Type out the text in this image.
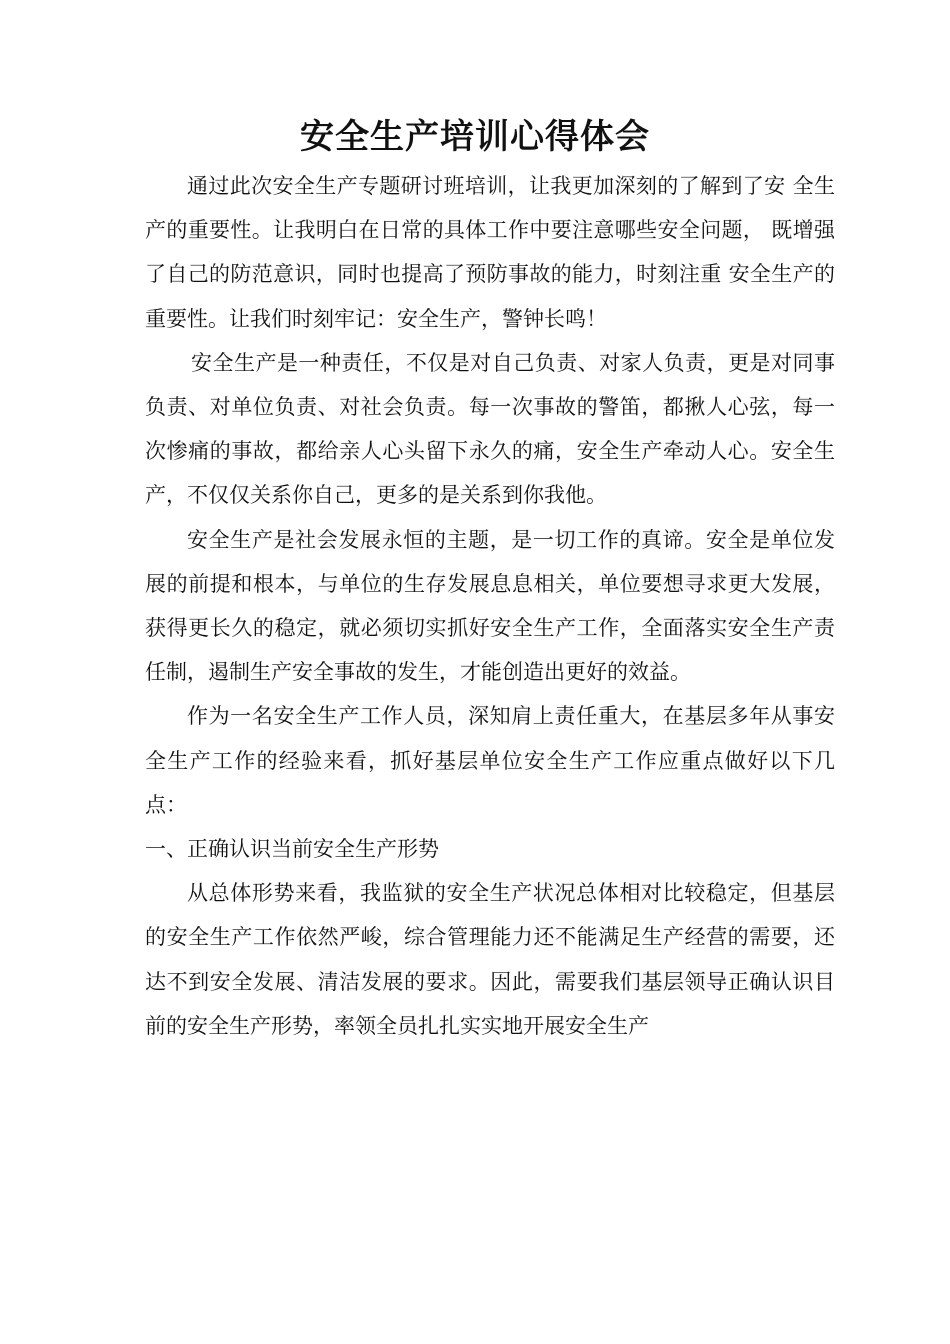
安全生产培训心得体会

通过此次安全生产专题研讨班培训，让我更加深刻的了解到了安 全生产的重要性。让我明白在日常的具体工作中要注意哪些安全问题， 既增强了自己的防范意识，同时也提高了预防事故的能力，时刻注重 安全生产的重要性。让我们时刻牢记：安全生产，警钟长鸣！

安全生产是一种责任，不仅是对自己负责、对家人负责，更是对同事负责、对单位负责、对社会负责。每一次事故的警笛，都揪人心弦，每一次惨痛的事故，都给亲人心头留下永久的痛，安全生产牵动人心。安全生产，不仅仅关系你自己，更多的是关系到你我他。

安全生产是社会发展永恒的主题，是一切工作的真谛。安全是单位发展的前提和根本，与单位的生存发展息息相关，单位要想寻求更大发展，获得更长久的稳定，就必须切实抓好安全生产工作，全面落实安全生产责任制，遏制生产安全事故的发生，才能创造出更好的效益。

作为一名安全生产工作人员，深知肩上责任重大，在基层多年从事安全生产工作的经验来看，抓好基层单位安全生产工作应重点做好以下几点：

一、正确认识当前安全生产形势

从总体形势来看，我监狱的安全生产状况总体相对比较稳定，但基层的安全生产工作依然严峻，综合管理能力还不能满足生产经营的需要，还达不到安全发展、清洁发展的要求。因此，需要我们基层领导正确认识目前的安全生产形势，率领全员扎扎实实地开展安全生产
